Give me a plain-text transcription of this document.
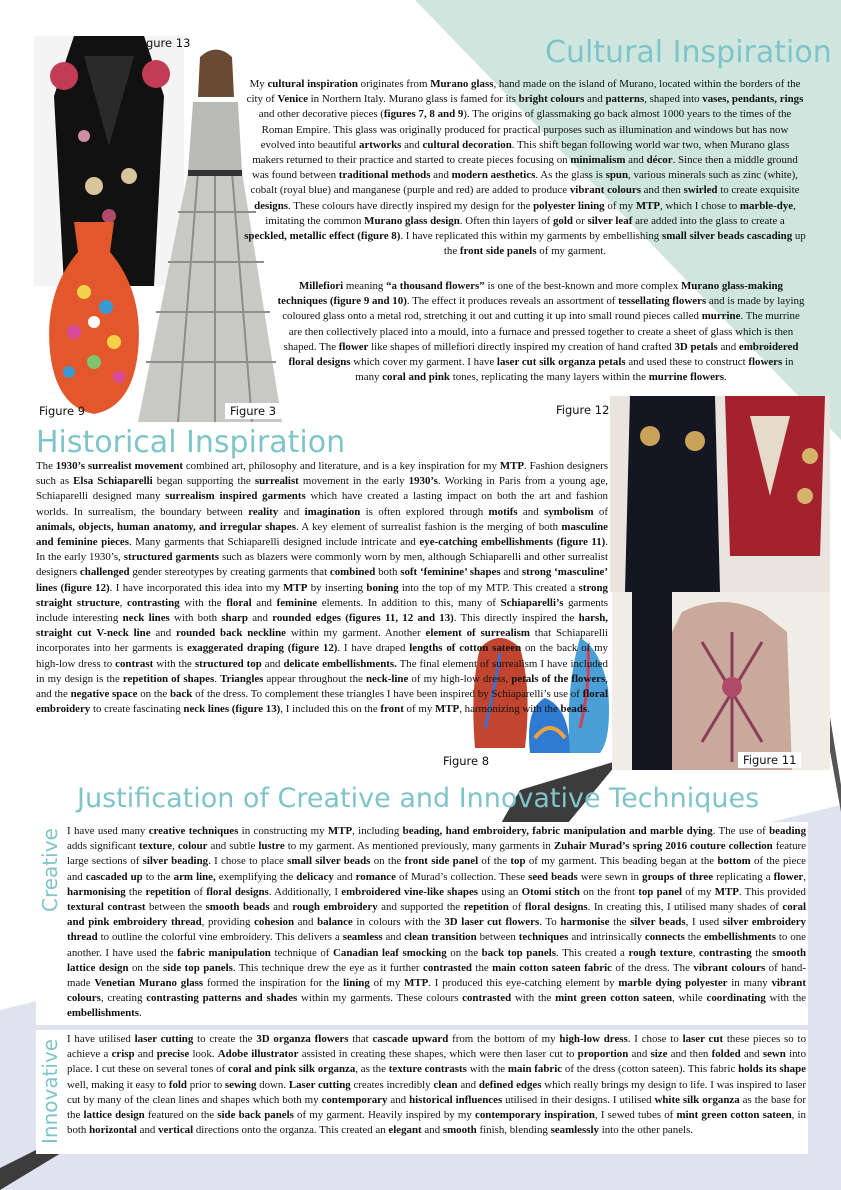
Figure 13
Figure 9	Figure 3
Cultural Inspiration

My cultural inspiration originates from Murano glass, hand made on the island of Murano, located within the borders of the city of Venice in Northern Italy. Murano glass is famed for its bright colours and patterns, shaped into vases, pendants, rings and other decorative pieces (figures 7, 8 and 9). The origins of glassmaking go back almost 1000 years to the times of the Roman Empire. This glass was originally produced for practical purposes such as illumination and windows but has now evolved into beautiful artworks and cultural decoration. This shift began following world war two, when Murano glass makers returned to their practice and started to create pieces focusing on minimalism and décor. Since then a middle ground was found between traditional methods and modern aesthetics. As the glass is spun, various minerals such as zinc (white), cobalt (royal blue) and manganese (purple and red) are added to produce vibrant colours and then swirled to create exquisite designs. These colours have directly inspired my design for the polyester lining of my MTP, which I chose to marble-dye, imitating the common Murano glass design. Often thin layers of gold or silver leaf are added into the glass to create a speckled, metallic effect (figure 8). I have replicated this within my garments by embellishing small silver beads cascading up the front side panels of my garment.

Millefiori meaning “a thousand flowers” is one of the best-known and more complex Murano glass-making techniques (figure 9 and 10). The effect it produces reveals an assortment of tessellating flowers and is made by laying coloured glass onto a metal rod, stretching it out and cutting it up into small round pieces called murrine. The murrine are then collectively placed into a mould, into a furnace and pressed together to create a sheet of glass which is then shaped. The flower like shapes of millefiori directly inspired my creation of hand crafted 3D petals and embroidered floral designs which cover my garment. I have laser cut silk organza petals and used these to construct flowers in many coral and pink tones, replicating the many layers within the murrine flowers.

Figure 12
Figure 11
Figure 8
Historical Inspiration

The 1930’s surrealist movement combined art, philosophy and literature, and is a key inspiration for my MTP. Fashion designers such as Elsa Schiaparelli began supporting the surrealist movement in the early 1930’s. Working in Paris from a young age, Schiaparelli designed many surrealism inspired garments which have created a lasting impact on both the art and fashion worlds. In surrealism, the boundary between reality and imagination is often explored through motifs and symbolism of animals, objects, human anatomy, and irregular shapes. A key element of surrealist fashion is the merging of both masculine and feminine pieces. Many garments that Schiaparelli designed include intricate and eye-catching embellishments (figure 11). In the early 1930’s, structured garments such as blazers were commonly worn by men, although Schiaparelli and other surrealist designers challenged gender stereotypes by creating garments that combined both soft ‘feminine’ shapes and strong ‘masculine’ lines (figure 12). I have incorporated this idea into my MTP by inserting boning into the top of my MTP. This created a strong straight structure, contrasting with the floral and feminine elements. In addition to this, many of Schiaparelli’s garments include interesting neck lines with both sharp and rounded edges (figures 11, 12 and 13). This directly inspired the harsh, straight cut V-neck line and rounded back neckline within my garment. Another element of surrealism that Schiaparelli incorporates into her garments is exaggerated draping (figure 12). I have draped lengths of cotton sateen on the back of my high-low dress to contrast with the structured top and delicate embellishments. The final element of surrealism I have included in my design is the repetition of shapes. Triangles appear throughout the neck-line of my high-low dress, petals of the flowers, and the negative space on the back of the dress. To complement these triangles I have been inspired by Schiaparelli’s use of floral embroidery to create fascinating neck lines (figure 13), I included this on the front of my MTP, harmonizing with the beads.

Justification of Creative and Innovative Techniques
Creative I have used many creative techniques in constructing my MTP, including beading, hand embroidery, fabric manipulation and marble dying. The use of beading adds significant texture, colour and subtle lustre to my garment. As mentioned previously, many garments in Zuhair Murad’s spring 2016 couture collection feature large sections of silver beading. I chose to place small silver beads on the front side panel of the top of my garment. This beading began at the bottom of the piece and cascaded up to the arm line, exemplifying the delicacy and romance of Murad’s collection. These seed beads were sewn in groups of three replicating a flower, harmonising the repetition of floral designs. Additionally, I embroidered vine-like shapes using an Otomi stitch on the front top panel of my MTP. This provided textural contrast between the smooth beads and rough embroidery and supported the repetition of floral designs. In creating this, I utilised many shades of coral and pink embroidery thread, providing cohesion and balance in colours with the 3D laser cut flowers. To harmonise the silver beads, I used silver embroidery thread to outline the colorful vine embroidery. This delivers a seamless and clean transition between techniques and intrinsically connects the embellishments to one another. I have used the fabric manipulation technique of Canadian leaf smocking on the back top panels. This created a rough texture, contrasting the smooth lattice design on the side top panels. This technique drew the eye as it further contrasted the main cotton sateen fabric of the dress. The vibrant colours of hand-made Venetian Murano glass formed the inspiration for the lining of my MTP. I produced this eye-catching element by marble dying polyester in many vibrant colours, creating contrasting patterns and shades within my garments. These colours contrasted with the mint green cotton sateen, while coordinating with the embellishments.

Innovative I have utilised laser cutting to create the 3D organza flowers that cascade upward from the bottom of my high-low dress. I chose to laser cut these pieces so to achieve a crisp and precise look. Adobe illustrator assisted in creating these shapes, which were then laser cut to proportion and size and then folded and sewn into place. I cut these on several tones of coral and pink silk organza, as the texture contrasts with the main fabric of the dress (cotton sateen). This fabric holds its shape well, making it easy to fold prior to sewing down. Laser cutting creates incredibly clean and defined edges which really brings my design to life. I was inspired to laser cut by many of the clean lines and shapes which both my contemporary and historical influences utilised in their designs. I utilised white silk organza as the base for the lattice design featured on the side back panels of my garment. Heavily inspired by my contemporary inspiration, I sewed tubes of mint green cotton sateen, in both horizontal and vertical directions onto the organza. This created an elegant and smooth finish, blending seamlessly into the other panels.
